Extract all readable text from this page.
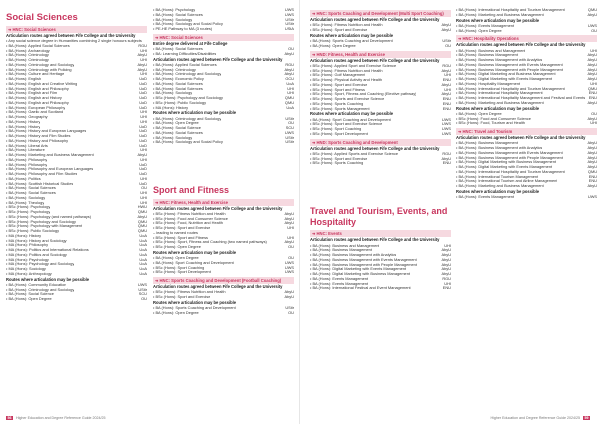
Social Sciences
➜HNC: Social Sciences
Articulation routes agreed between Fife College and the University
• Any social science degree in Humanities combining 2 single honours subjects
• BA (Hons): Applied Social Sciences	RGU
• BA (Hons): Archaeology	UHI
• BA (Hons): Criminology	AbyU
• BA (Hons): Criminology	UHI
• BA (Hons): Criminology and Sociology	AbyU
• BA (Hons): Criminology with Policing	AbyU
• BA (Hons): Culture and Heritage	UHI
• BA (Hons): English	UoD
• BA (Hons): English and Creative Writing	UoD
• BA (Hons): English and Philosophy	UoD
• BA (Hons): English and Film	UoD
• BA (Hons): English and History	UoD
• BA (Hons): English and Philosophy	UoD
• BA (Hons): European Philosophy	UoD
• BA (Hons): Gaelic and Scotland	UHI
• BA (Hons): Geography	UHI
• BA (Hons): History	UHI
• BA (Hons): History	UoD
• BA (Hons): History and European Languages	UoD
• BA (Hons): History and Film Studies	UoD
• BA (Hons): History and Philosophy	UoD
• BA (Hons): Liberal Arts	UoD
• BA (Hons): Literature	UHI
• BA (Hons): Marketing and Business Management	AbyU
• BA (Hons): Philosophy	UHI
• BA (Hons): Philosophy	UoD
• BA (Hons): Philosophy and European Languages	UoD
• BA (Hons): Philosophy and Film Studies	UoD
• BA (Hons): Politics	UHI
• BA (Hons): Scottish Historical Studies	UoD
• BA (Hons): Social Sciences	OU
• BA (Hons): Social Sciences	UHI
• BA (Hons): Sociology	UHI
• BA (Hons): Theology	UHI
• BSc (Hons): Psychology	HWU
• BSc (Hons): Psychology	QMU
• BSc (Hons): Psychology (and named pathways)	AbyU
• BSc (Hons): Psychology and Sociology	QMU
• BSc (Hons): Psychology with Management	QMU
• BSc (Hons): Public Sociology	QMU
• MA (Hons): History	UoA
• MA (Hons): History and Sociology	UoA
• MA (Hons): Philosophy	UoA
• MA (Hons): Politics and International Relations	UoA
• MA (Hons): Politics and Sociology	UoA
• MA (Hons): Psychology	UoA
• MA (Hons): Psychology and Sociology	UoA
• MA (Hons): Sociology	UoA
• MA (Hons): Anthropology	UoA
Routes where articulation may be possible
• BA (Hons): Community Education	UWS
• BA (Hons): Criminology and Sociology	UStir
• BA (Hons): Social Science	SCU
• BA (Hons): Open Degree	OU
• BA (Hons): Psychology	UWS
• BA (Hons): Social Sciences	UWS
• BA (Hons): Sociology	UStir
• BA (Hons): Sociology and Social Policy	UStir
• PE-HE Pathway to MA (3 routes)	UStA
➜HNC: Social Sciences
Entire degree delivered at Fife College
• BA (Hons): Social Sciences	OU
• BA: Learning Difficulties/Disabilities	AbyU
Articulation routes agreed between Fife College and the University
• BA (Hons): Applied Social Sciences	RGU
• BA (Hons): Criminology	AbyU
• BA (Hons): Criminology and Sociology	AbyU
• BA (Hons): Economic Policy	GCU
• BA (Hons): Social Sciences	UoA
• BA (Hons): Social Sciences	UHI
• BA (Hons): Sociology	UHI
• BSc (Hons): Psychology and Sociology	QMU
• BSc (Hons): Public Sociology	QMU
• MA (Hons): History	UoA
Routes where articulation may be possible
• BA (Hons): Criminology and Sociology	UStir
• BA (Hons): Open Degree	OU
• BA (Hons): Social Science	SCU
• BA (Hons): Social Sciences	UWS
• BA (Hons): Sociology	UStir
• BA (Hons): Sociology and Social Policy	UStir
Sport and Fitness
➜HNC: Fitness, Health and Exercise
Articulation routes agreed between Fife College and the University
• BSc (Hons): Fitness Nutrition and Health	AbyU
• BSc (Hons): Food and Consumer Science	AbyU
• BSc (Hons): Food, Nutrition and Health	AbyU
• BSc (Hons): Sport and Exercise	UHI
– leading to named routes
• BSc (Hons): Sport and Fitness	UHI
• BSc (Hons): Sport, Fitness and Coaching (two named pathways)	AbyU
• BSc (Hons): Open Degree	OU
Routes where articulation may be possible
• BA (Hons): Open Degree	OU
• BA (Hons): Sport Coaching and Development	UWS
• BSc (Hons): Sport Coaching	UWS
• BSc (Hons): Sport Development	UWS
➜HNC: Sports Coaching and Development (Football Coaching)
Articulation routes agreed between Fife College and the University
• BSc (Hons): Fitness Nutrition and Health	AbyU
• BSc (Hons): Sport and Exercise	AbyU
Routes where articulation may be possible
• BA (Hons): Sports Coaching and Development	UStir
• BA (Hons): Open Degree	OU
56 Higher Education and Degree Reference Guide 2024/25
➜HNC: Sports Coaching and Development (Multi Sport Coaching)
Articulation routes agreed between Fife College and the University
• BSc (Hons): Fitness Nutrition and Health	AbyU
• BSc (Hons): Sport and Exercise	AbyU
Routes where articulation may be possible
• BA (Hons): Sports Coaching and Development	UStir
• BA (Hons): Open Degree	OU
➜HND: Fitness, Health and Exercise
Articulation routes agreed between Fife College and the University
• BSc (Hons): Applied Sport and Exercise Science	RGU
• BSc (Hons): Fitness Nutrition and Health	AbyU
• BSc (Hons): Golf Management	UHI
• BSc (Hons): Physical Activity and Health	ENU
• BSc (Hons): Sport and Exercise	AbyU
• BSc (Hons): Sport and Fitness	UHI
• BSc (Hons): Sport, Fitness and Coaching (Elective pathway)	AbyU
• BSc (Hons): Sports and Exercise Science	ENU
• BSc (Hons): Sports Coaching	ENU
• BSc (Hons): Sports Management	ENU
Routes where articulation may be possible
• BA (Hons): Sport Coaching and Development	UWS
• BSc (Hons): Sport and Exercise Science	UWS
• BSc (Hons): Sport Coaching	UWS
• BSc (Hons): Sport Development	UWS
➜HND: Sports Coaching and Development
Articulation routes agreed between Fife College and the University
• BSc (Hons): Applied Sports and Exercise Science	RGU
• BSc (Hons): Sport and Exercise	AbyU
• BSc (Hons): Sports Coaching	ENU
Travel and Tourism, Events, and Hospitality
➜HNC: Events
Articulation routes agreed between Fife College and the University
• BA (Hons): Business and Management	UHI
• BA (Hons): Business Management	AbyU
• BA (Hons): Business Management with Analytics	AbyU
• BA (Hons): Business Management with Events Management	AbyU
• BA (Hons): Business Management with People Management	AbyU
• BA (Hons): Digital Marketing with Events Management	AbyU
• BA (Hons): Digital Marketing with Business Management	AbyU
• BA (Hons): Events Management	RGU
• BA (Hons): Events Management	UHI
• BA (Hons): International Festival and Event Management	ENU
• BA (Hons): International Hospitality and Tourism Management	QMU
• BA (Hons): Marketing and Business Management	AbyU
Routes where articulation may be possible
• BA (Hons): Events Management	UWS
• BA (Hons): Open Degree	OU
➜HNC: Hospitality Operations
Articulation routes agreed between Fife College and the University
• BA (Hons): Business and Management	UHI
• BA (Hons): Business Management	AbyU
• BA (Hons): Business Management with Analytics	AbyU
• BA (Hons): Business Management with Events Management	AbyU
• BA (Hons): Business Management with People Management	AbyU
• BA (Hons): Digital Marketing and Business Management	AbyU
• BA (Hons): Digital Marketing with Events Management	AbyU
• BA (Hons): Hospitality Management	UHI
• BA (Hons): International Hospitality and Tourism Management	QMU
• BA (Hons): International Hospitality Management	ENU
• BA (Hons): International Hospitality Management and Festival and Events ENU
• BA (Hons): Marketing and Business Management	AbyU
Routes where articulation may be possible
• BA (Hons): Open Degree	OU
• BSc (Hons): Food and Consumer Science	AbyU
• BSc (Hons): Food, Tourism and Health	UHI
➜HNC: Travel and Tourism
Articulation routes agreed between Fife College and the University
• BA (Hons): Business Management	AbyU
• BA (Hons): Business Management with Analytics	AbyU
• BA (Hons): Business Management with Events Management	AbyU
• BA (Hons): Business Management with People Management	AbyU
• BA (Hons): Digital Marketing with Business Management	AbyU
• BA (Hons): Digital Marketing with Events Management	AbyU
• BA (Hons): International Hospitality and Tourism Management	QMU
• BA (Hons): International Tourism Management	ENU
• BA (Hons): International Tourism and Airline Management	ENU
• BA (Hons): Marketing and Business Management	AbyU
Routes where articulation may be possible
• BA (Hons): Events Management	UWS
Higher Education and Degree Reference Guide 2024/25 59
